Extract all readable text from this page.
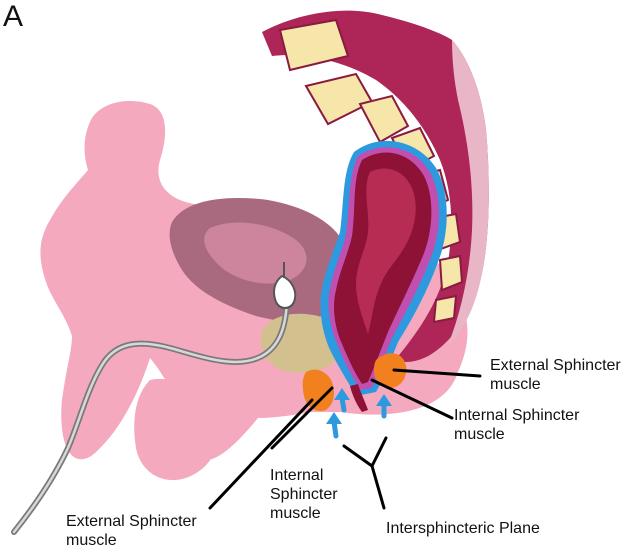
A
External Sphincter
muscle
Internal Sphincter
muscle
Internal
Sphincter
muscle
External Sphincter
muscle
Intersphincteric Plane
